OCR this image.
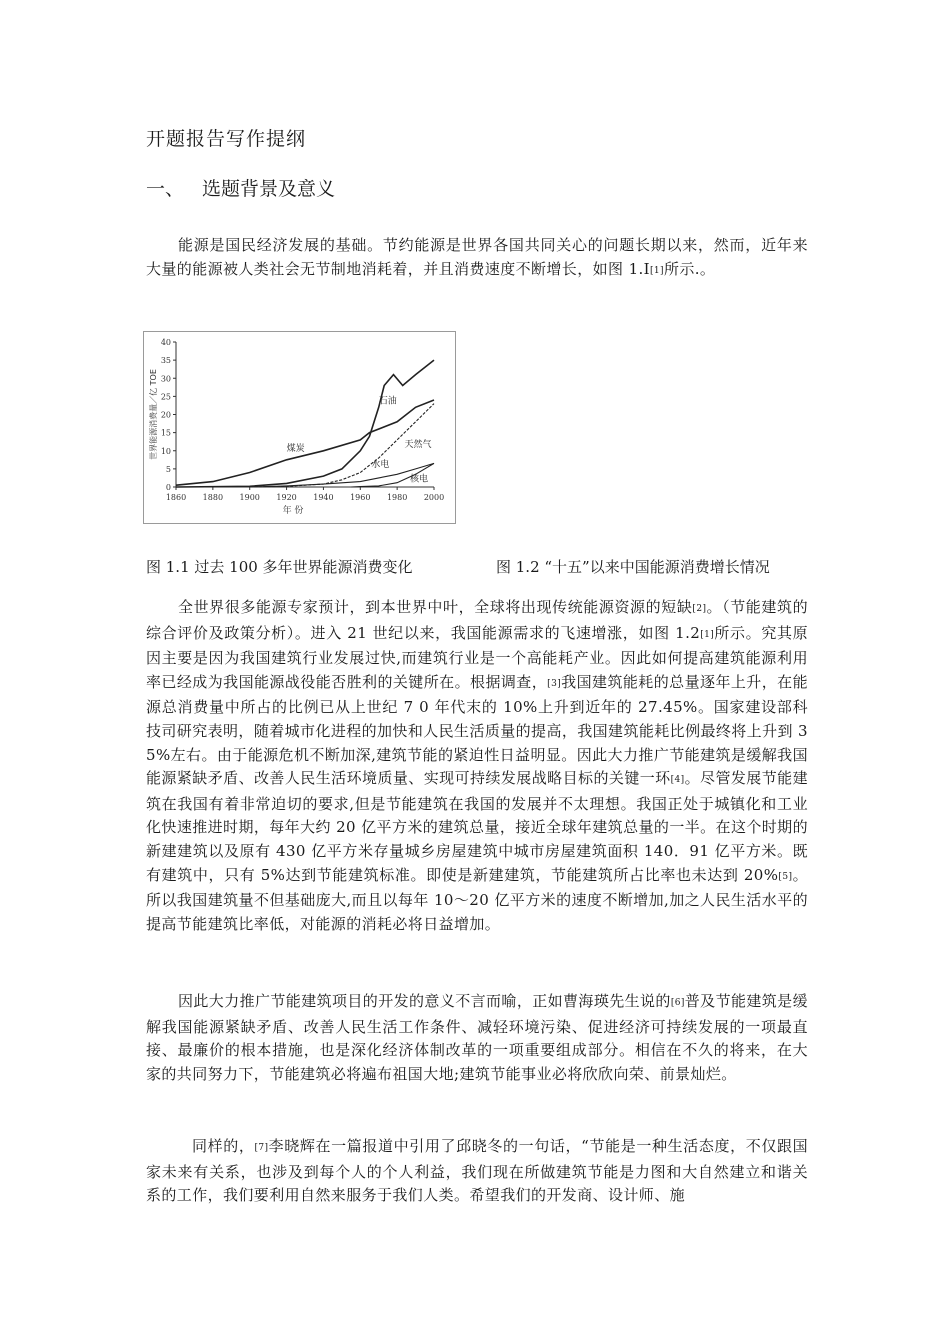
开题报告写作提纲
一、 选题背景及意义

能源是国民经济发展的基础。节约能源是世界各国共同关心的问题长期以来，然而，近年来大量的能源被人类社会无节制地消耗着，并且消费速度不断增长，如图 1.I[1]所示.。

1860 1880 1900 1920 1940 1960 1980 2000
0
5
10
15
20
25
30
35
40
年 份
世界能源消费量／亿 TOE	石油
煤炭	天然气
水电
核电
图 1.1 过去 100 多年世界能源消费变化	图 1.2 “十五”以来中国能源消费增长情况

全世界很多能源专家预计，到本世界中叶，全球将出现传统能源资源的短缺[2]。（节能建筑的综合评价及政策分析）。进入 21 世纪以来，我国能源需求的飞速增涨，如图 1.2[1]所示。究其原因主要是因为我国建筑行业发展过快,而建筑行业是一个高能耗产业。因此如何提高建筑能源利用率已经成为我国能源战役能否胜利的关键所在。根据调查，[3]我国建筑能耗的总量逐年上升，在能源总消费量中所占的比例已从上世纪 7 0 年代末的 10%上升到近年的 27.45%。国家建设部科技司研究表明，随着城市化进程的加快和人民生活质量的提高，我国建筑能耗比例最终将上升到 3 5%左右。由于能源危机不断加深,建筑节能的紧迫性日益明显。因此大力推广节能建筑是缓解我国能源紧缺矛盾、改善人民生活环境质量、实现可持续发展战略目标的关键一环[4]。尽管发展节能建筑在我国有着非常迫切的要求,但是节能建筑在我国的发展并不太理想。我国正处于城镇化和工业化快速推进时期，每年大约 20 亿平方米的建筑总量，接近全球年建筑总量的一半。在这个时期的新建建筑以及原有 430 亿平方米存量城乡房屋建筑中城市房屋建筑面积 140．91 亿平方米。既有建筑中，只有 5%达到节能建筑标准。即使是新建建筑，节能建筑所占比率也未达到 20%[5]。所以我国建筑量不但基础庞大,而且以每年 10～20 亿平方米的速度不断增加,加之人民生活水平的提高节能建筑比率低，对能源的消耗必将日益增加。

因此大力推广节能建筑项目的开发的意义不言而喻，正如曹海瑛先生说的[6]普及节能建筑是缓解我国能源紧缺矛盾、改善人民生活工作条件、减轻环境污染、促进经济可持续发展的一项最直接、最廉价的根本措施，也是深化经济体制改革的一项重要组成部分。相信在不久的将来，在大家的共同努力下，节能建筑必将遍布祖国大地;建筑节能事业必将欣欣向荣、前景灿烂。

同样的，[7]李晓辉在一篇报道中引用了邱晓冬的一句话，“节能是一种生活态度，不仅跟国家未来有关系，也涉及到每个人的个人利益，我们现在所做建筑节能是力图和大自然建立和谐关系的工作，我们要利用自然来服务于我们人类。希望我们的开发商、设计师、施
